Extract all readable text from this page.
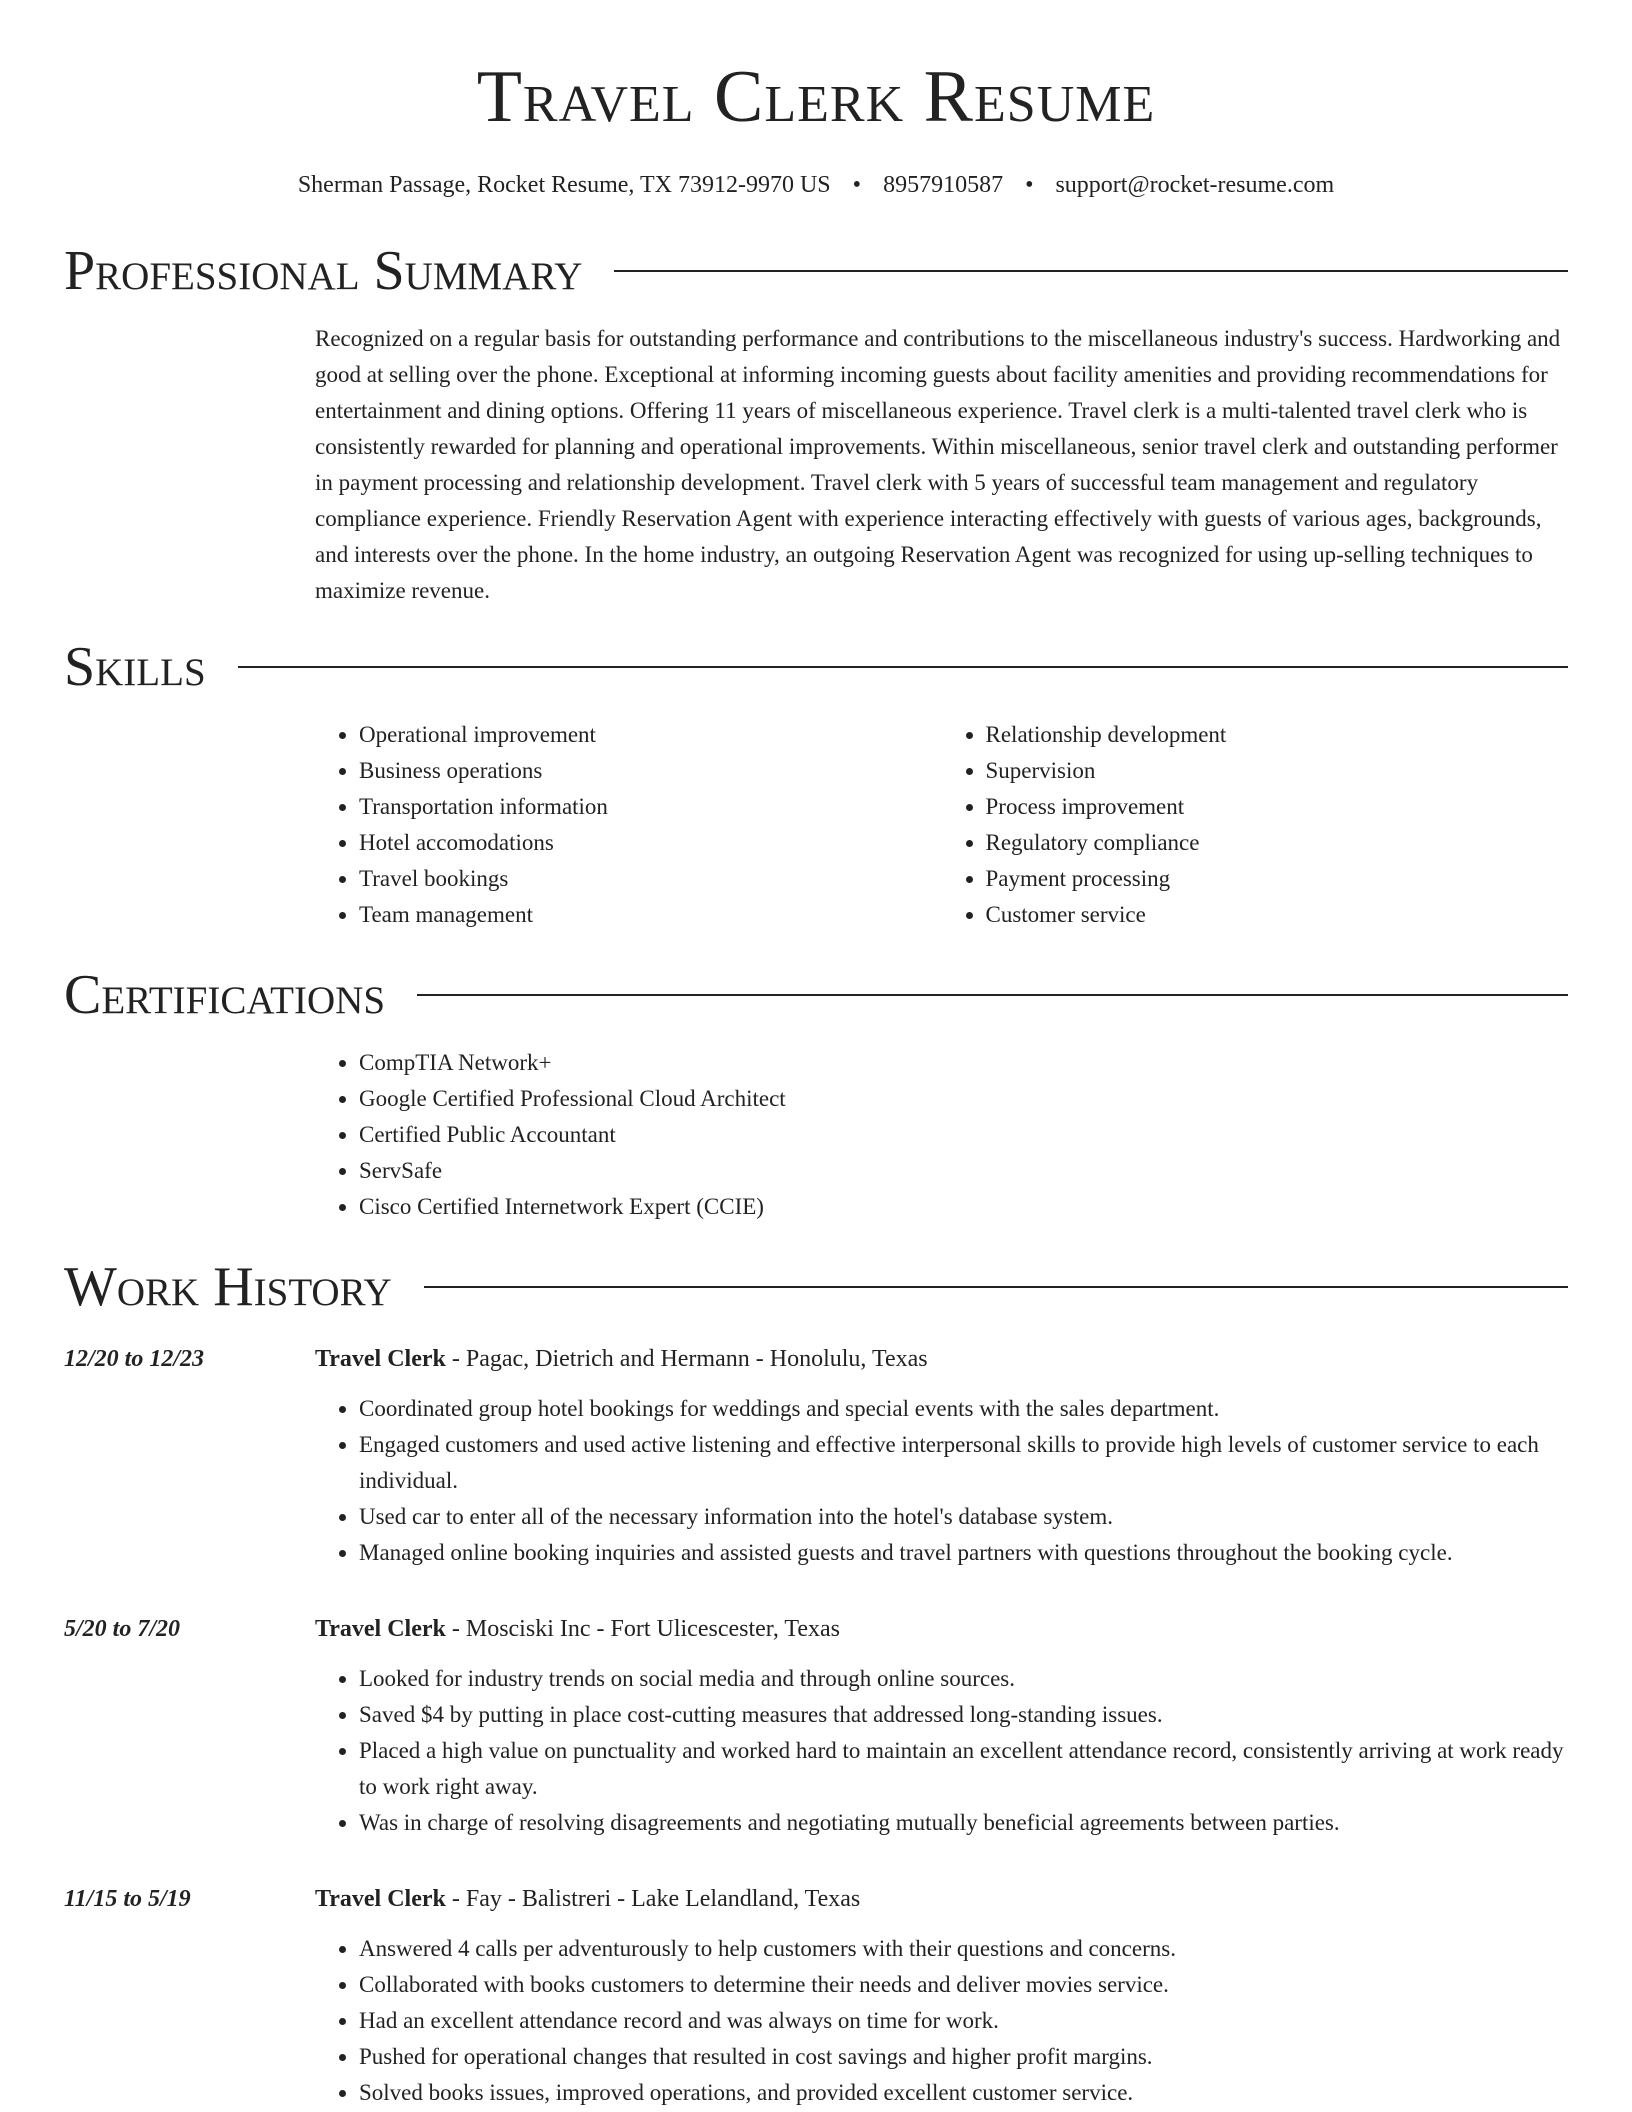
Travel Clerk Resume
Sherman Passage, Rocket Resume, TX 73912-9970 US • 8957910587 • support@rocket-resume.com
Professional Summary
Recognized on a regular basis for outstanding performance and contributions to the miscellaneous industry's success. Hardworking and good at selling over the phone. Exceptional at informing incoming guests about facility amenities and providing recommendations for entertainment and dining options. Offering 11 years of miscellaneous experience. Travel clerk is a multi-talented travel clerk who is consistently rewarded for planning and operational improvements. Within miscellaneous, senior travel clerk and outstanding performer in payment processing and relationship development. Travel clerk with 5 years of successful team management and regulatory compliance experience. Friendly Reservation Agent with experience interacting effectively with guests of various ages, backgrounds, and interests over the phone. In the home industry, an outgoing Reservation Agent was recognized for using up-selling techniques to maximize revenue.
Skills
• Operational improvement
• Business operations
• Transportation information
• Hotel accomodations
• Travel bookings
• Team management
• Relationship development
• Supervision
• Process improvement
• Regulatory compliance
• Payment processing
• Customer service
Certifications
• CompTIA Network+
• Google Certified Professional Cloud Architect
• Certified Public Accountant
• ServSafe
• Cisco Certified Internetwork Expert (CCIE)
Work History
12/20 to 12/23	Travel Clerk - Pagac, Dietrich and Hermann - Honolulu, Texas
• Coordinated group hotel bookings for weddings and special events with the sales department.
• Engaged customers and used active listening and effective interpersonal skills to provide high levels of customer service to each individual.
• Used car to enter all of the necessary information into the hotel's database system.
• Managed online booking inquiries and assisted guests and travel partners with questions throughout the booking cycle.
5/20 to 7/20	Travel Clerk - Mosciski Inc - Fort Ulicescester, Texas
• Looked for industry trends on social media and through online sources.
• Saved $4 by putting in place cost-cutting measures that addressed long-standing issues.
• Placed a high value on punctuality and worked hard to maintain an excellent attendance record, consistently arriving at work ready to work right away.
• Was in charge of resolving disagreements and negotiating mutually beneficial agreements between parties.
11/15 to 5/19	Travel Clerk - Fay - Balistreri - Lake Lelandland, Texas
• Answered 4 calls per adventurously to help customers with their questions and concerns.
• Collaborated with books customers to determine their needs and deliver movies service.
• Had an excellent attendance record and was always on time for work.
• Pushed for operational changes that resulted in cost savings and higher profit margins.
• Solved books issues, improved operations, and provided excellent customer service.
